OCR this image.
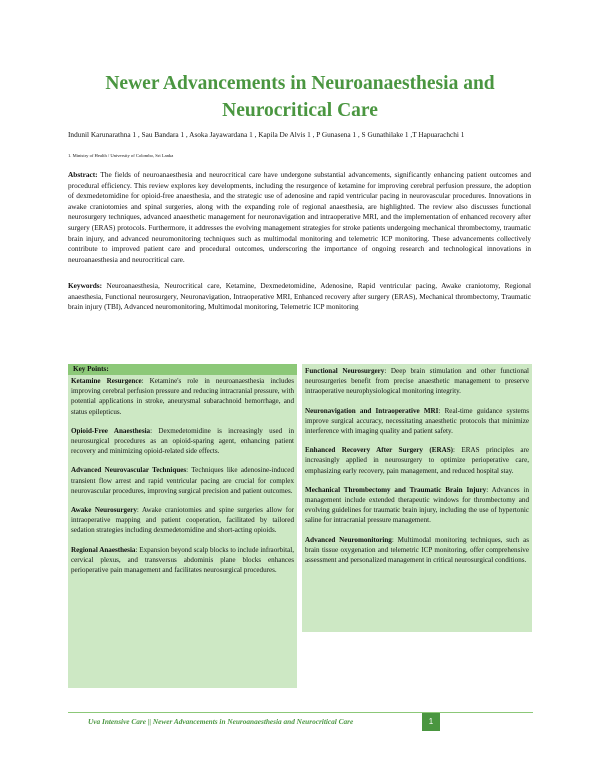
Newer Advancements in Neuroanaesthesia and Neurocritical Care
Indunil Karunarathna 1 , Sau Bandara 1 , Asoka Jayawardana 1 , Kapila De Alvis 1 , P Gunasena 1 , S Gunathilake 1 ,T Hapuarachchi 1
1. Ministry of Health / University of Colombo, Sri Lanka

Abstract: The fields of neuroanaesthesia and neurocritical care have undergone substantial advancements, significantly enhancing patient outcomes and procedural efficiency. This review explores key developments, including the resurgence of ketamine for improving cerebral perfusion pressure, the adoption of dexmedetomidine for opioid-free anaesthesia, and the strategic use of adenosine and rapid ventricular pacing in neurovascular procedures. Innovations in awake craniotomies and spinal surgeries, along with the expanding role of regional anaesthesia, are highlighted. The review also discusses functional neurosurgery techniques, advanced anaesthetic management for neuronavigation and intraoperative MRI, and the implementation of enhanced recovery after surgery (ERAS) protocols. Furthermore, it addresses the evolving management strategies for stroke patients undergoing mechanical thrombectomy, traumatic brain injury, and advanced neuromonitoring techniques such as multimodal monitoring and telemetric ICP monitoring. These advancements collectively contribute to improved patient care and procedural outcomes, underscoring the importance of ongoing research and technological innovations in neuroanaesthesia and neurocritical care.

Keywords: Neuroanaesthesia, Neurocritical care, Ketamine, Dexmedetomidine, Adenosine, Rapid ventricular pacing, Awake craniotomy, Regional anaesthesia, Functional neurosurgery, Neuronavigation, Intraoperative MRI, Enhanced recovery after surgery (ERAS), Mechanical thrombectomy, Traumatic brain injury (TBI), Advanced neuromonitoring, Multimodal monitoring, Telemetric ICP monitoring

Key Points:

Ketamine Resurgence: Ketamine's role in neuroanaesthesia includes improving cerebral perfusion pressure and reducing intracranial pressure, with potential applications in stroke, aneurysmal subarachnoid hemorrhage, and status epilepticus.

Opioid-Free Anaesthesia: Dexmedetomidine is increasingly used in neurosurgical procedures as an opioid-sparing agent, enhancing patient recovery and minimizing opioid-related side effects.

Advanced Neurovascular Techniques: Techniques like adenosine-induced transient flow arrest and rapid ventricular pacing are crucial for complex neurovascular procedures, improving surgical precision and patient outcomes.

Awake Neurosurgery: Awake craniotomies and spine surgeries allow for intraoperative mapping and patient cooperation, facilitated by tailored sedation strategies including dexmedetomidine and short-acting opioids.

Regional Anaesthesia: Expansion beyond scalp blocks to include infraorbital, cervical plexus, and transversus abdominis plane blocks enhances perioperative pain management and facilitates neurosurgical procedures.

Functional Neurosurgery: Deep brain stimulation and other functional neurosurgeries benefit from precise anaesthetic management to preserve intraoperative neurophysiological monitoring integrity.

Neuronavigation and Intraoperative MRI: Real-time guidance systems improve surgical accuracy, necessitating anaesthetic protocols that minimize interference with imaging quality and patient safety.

Enhanced Recovery After Surgery (ERAS): ERAS principles are increasingly applied in neurosurgery to optimize perioperative care, emphasizing early recovery, pain management, and reduced hospital stay.

Mechanical Thrombectomy and Traumatic Brain Injury: Advances in management include extended therapeutic windows for thrombectomy and evolving guidelines for traumatic brain injury, including the use of hypertonic saline for intracranial pressure management.

Advanced Neuromonitoring: Multimodal monitoring techniques, such as brain tissue oxygenation and telemetric ICP monitoring, offer comprehensive assessment and personalized management in critical neurosurgical conditions.

Uva Intensive Care || Newer Advancements in Neuroanaesthesia and Neurocritical Care	1
